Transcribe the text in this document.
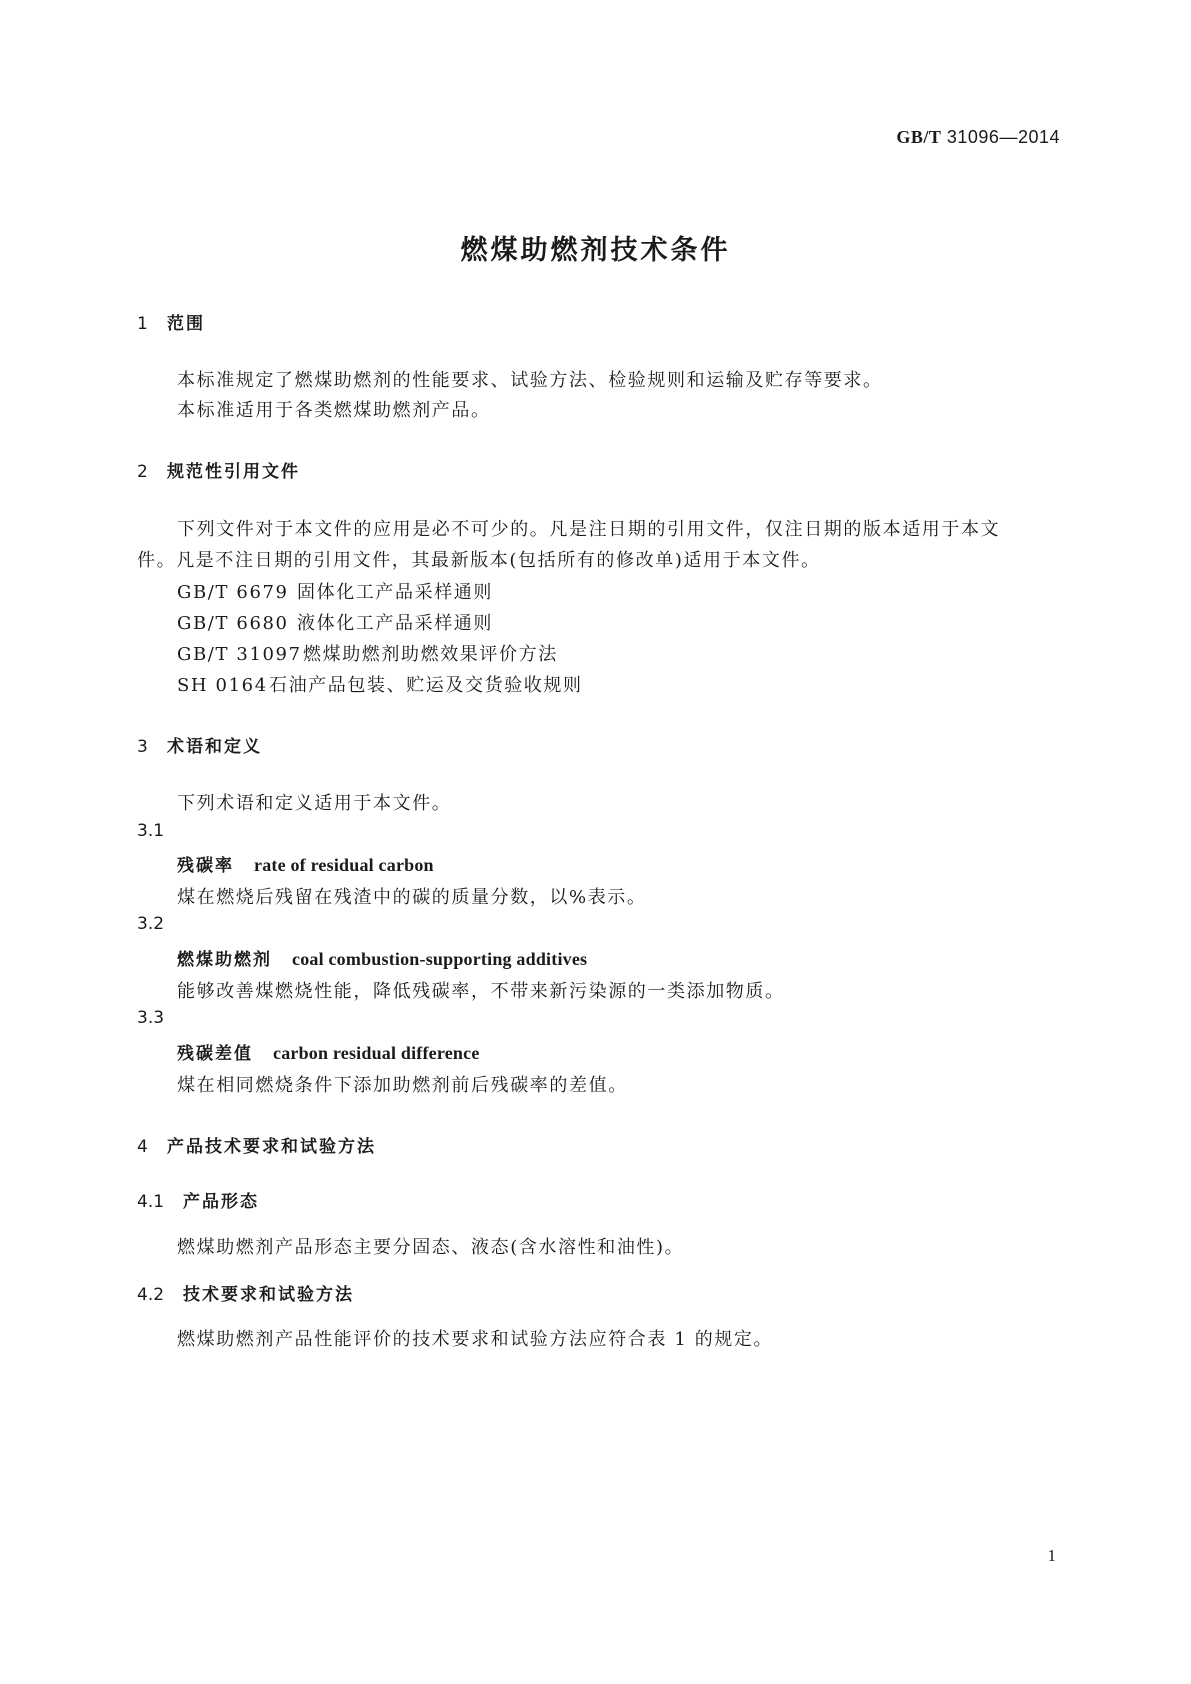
GB/T 31096—2014
燃煤助燃剂技术条件
1 范围
本标准规定了燃煤助燃剂的性能要求、试验方法、检验规则和运输及贮存等要求。
本标准适用于各类燃煤助燃剂产品。
2 规范性引用文件
下列文件对于本文件的应用是必不可少的。凡是注日期的引用文件，仅注日期的版本适用于本文
件。凡是不注日期的引用文件，其最新版本(包括所有的修改单)适用于本文件。
GB/T 6679 固体化工产品采样通则
GB/T 6680 液体化工产品采样通则
GB/T 31097燃煤助燃剂助燃效果评价方法
SH 0164石油产品包装、贮运及交货验收规则
3 术语和定义
下列术语和定义适用于本文件。
3.1
残碳率 rate of residual carbon
煤在燃烧后残留在残渣中的碳的质量分数，以%表示。
3.2
燃煤助燃剂 coal combustion-supporting additives
能够改善煤燃烧性能，降低残碳率，不带来新污染源的一类添加物质。
3.3
残碳差值 carbon residual difference
煤在相同燃烧条件下添加助燃剂前后残碳率的差值。
4 产品技术要求和试验方法
4.1 产品形态
燃煤助燃剂产品形态主要分固态、液态(含水溶性和油性)。
4.2 技术要求和试验方法
燃煤助燃剂产品性能评价的技术要求和试验方法应符合表 1 的规定。
1
